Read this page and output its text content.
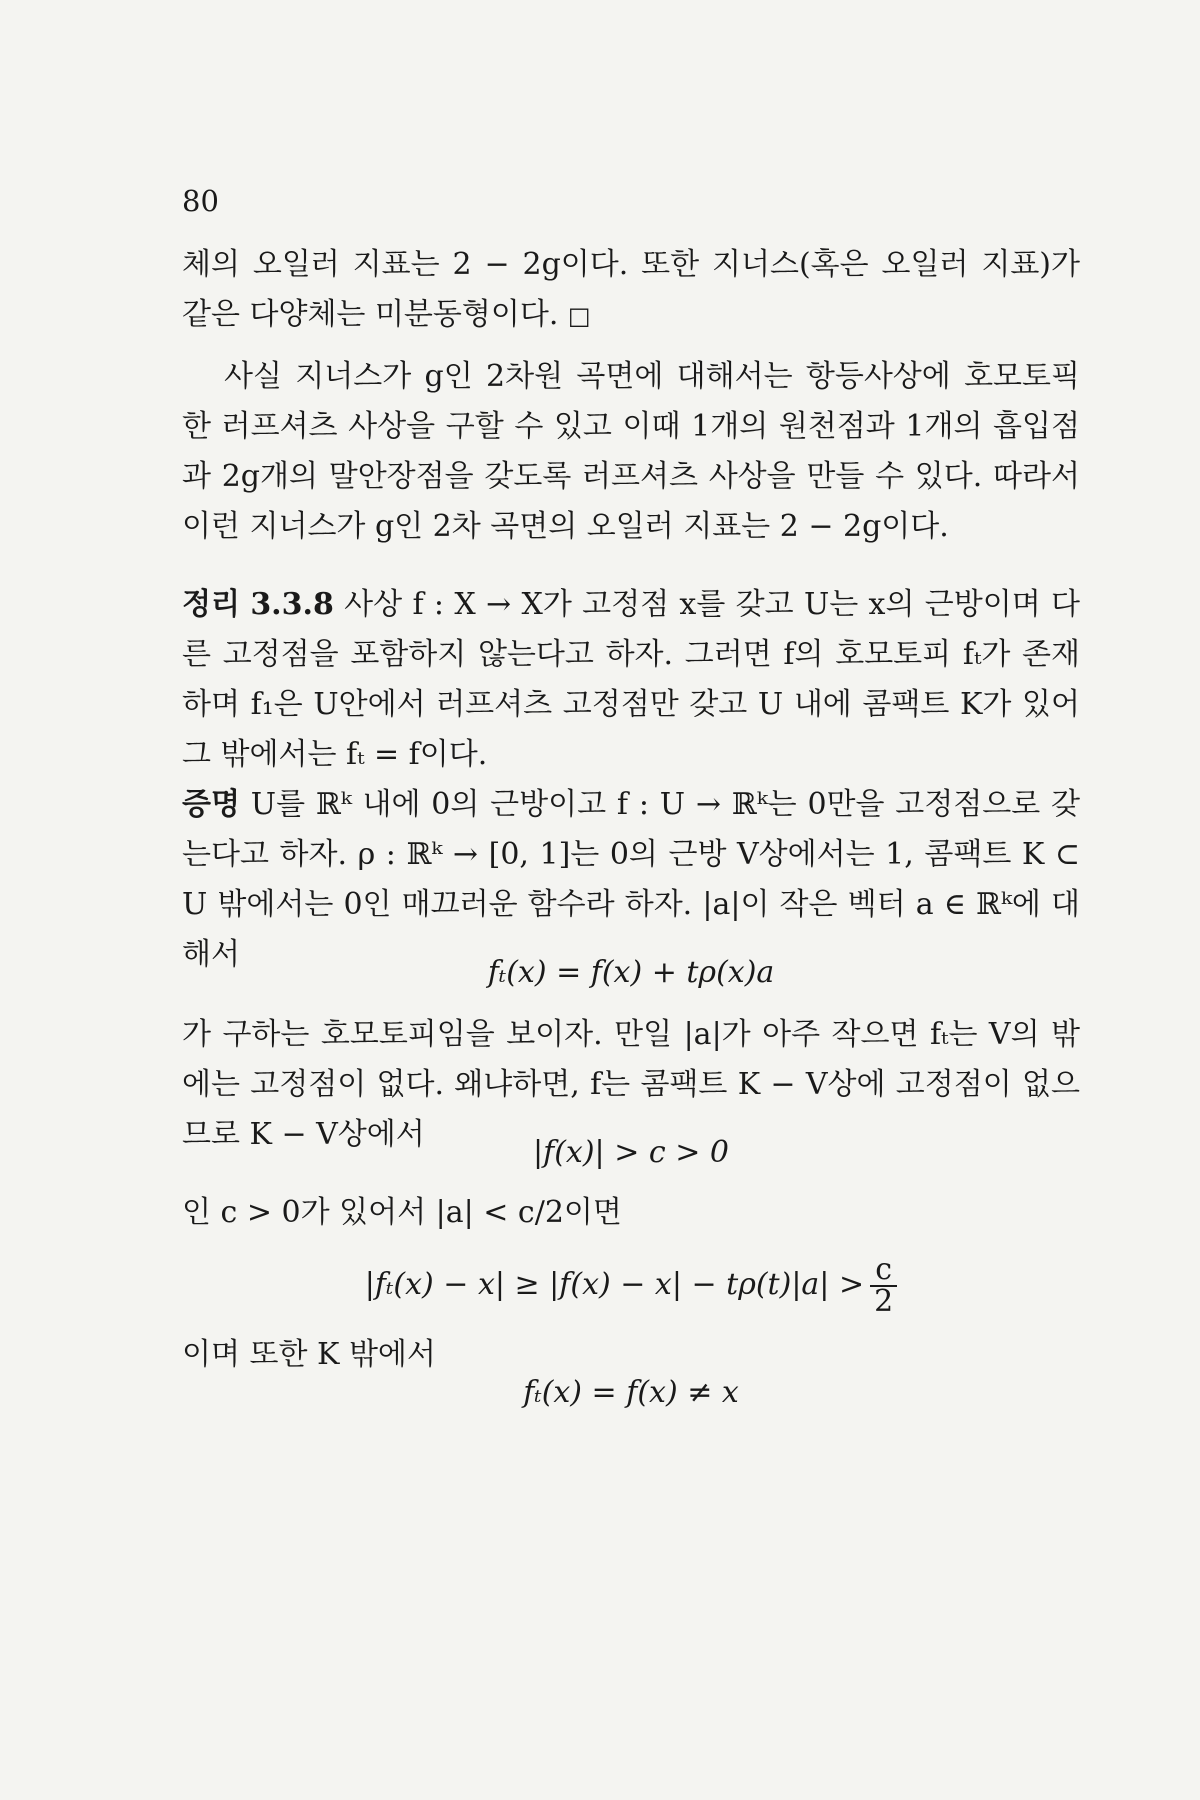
80

체의 오일러 지표는 2 − 2g이다. 또한 지너스(혹은 오일러 지표)가 같은 다양체는 미분동형이다. □

사실 지너스가 g인 2차원 곡면에 대해서는 항등사상에 호모토픽한 러프셔츠 사상을 구할 수 있고 이때 1개의 원천점과 1개의 흡입점과 2g개의 말안장점을 갖도록 러프셔츠 사상을 만들 수 있다. 따라서 이런 지너스가 g인 2차 곡면의 오일러 지표는 2 − 2g이다.

정리 3.3.8 사상 f : X → X가 고정점 x를 갖고 U는 x의 근방이며 다른 고정점을 포함하지 않는다고 하자. 그러면 f의 호모토피 fₜ가 존재하며 f₁은 U안에서 러프셔츠 고정점만 갖고 U 내에 콤팩트 K가 있어 그 밖에서는 fₜ = f이다.

증명 U를 ℝᵏ 내에 0의 근방이고 f : U → ℝᵏ는 0만을 고정점으로 갖는다고 하자. ρ : ℝᵏ → [0, 1]는 0의 근방 V상에서는 1, 콤팩트 K ⊂ U 밖에서는 0인 매끄러운 함수라 하자. |a|이 작은 벡터 a ∈ ℝᵏ에 대해서

fₜ(x) = f(x) + tρ(x)a

가 구하는 호모토피임을 보이자. 만일 |a|가 아주 작으면 fₜ는 V의 밖에는 고정점이 없다. 왜냐하면, f는 콤팩트 K − V상에 고정점이 없으므로 K − V상에서

|f(x)| > c > 0

인 c > 0가 있어서 |a| < c/2이면

$|f_t(x) - x| \ge |f(x) - x| - t\rho(t)|a| > \frac{c}{2}$

이며 또한 K 밖에서

fₜ(x) = f(x) ≠ x
